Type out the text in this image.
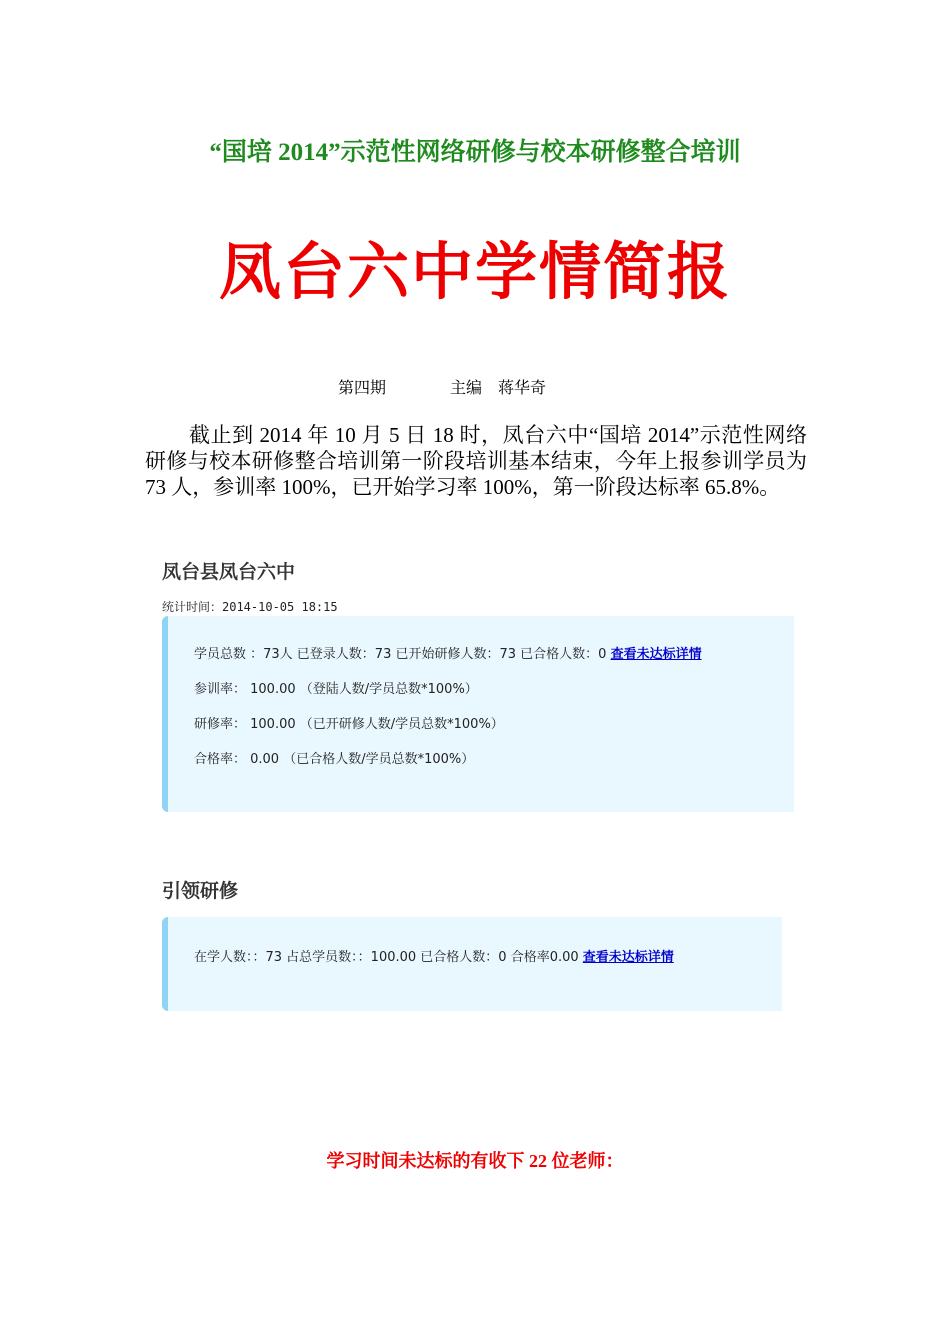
“国培 2014”示范性网络研修与校本研修整合培训
凤台六中学情简报
第四期	主编　蒋华奇

截止到 2014 年 10 月 5 日 18 时，凤台六中“国培 2014”示范性网络研修与校本研修整合培训第一阶段培训基本结束，今年上报参训学员为 73 人，参训率 100%，已开始学习率 100%，第一阶段达标率 65.8%。

凤台县凤台六中
统计时间：2014-10-05 18:15
学员总数 ：73人 已登录人数：73 已开始研修人数：73 已合格人数：0 查看未达标详情
参训率： 100.00 （登陆人数/学员总数*100%）
研修率： 100.00 （已开研修人数/学员总数*100%）
合格率： 0.00 （已合格人数/学员总数*100%）
引领研修
在学人数：：73 占总学员数：：100.00 已合格人数：0 合格率0.00 查看未达标详情
学习时间未达标的有收下 22 位老师：
